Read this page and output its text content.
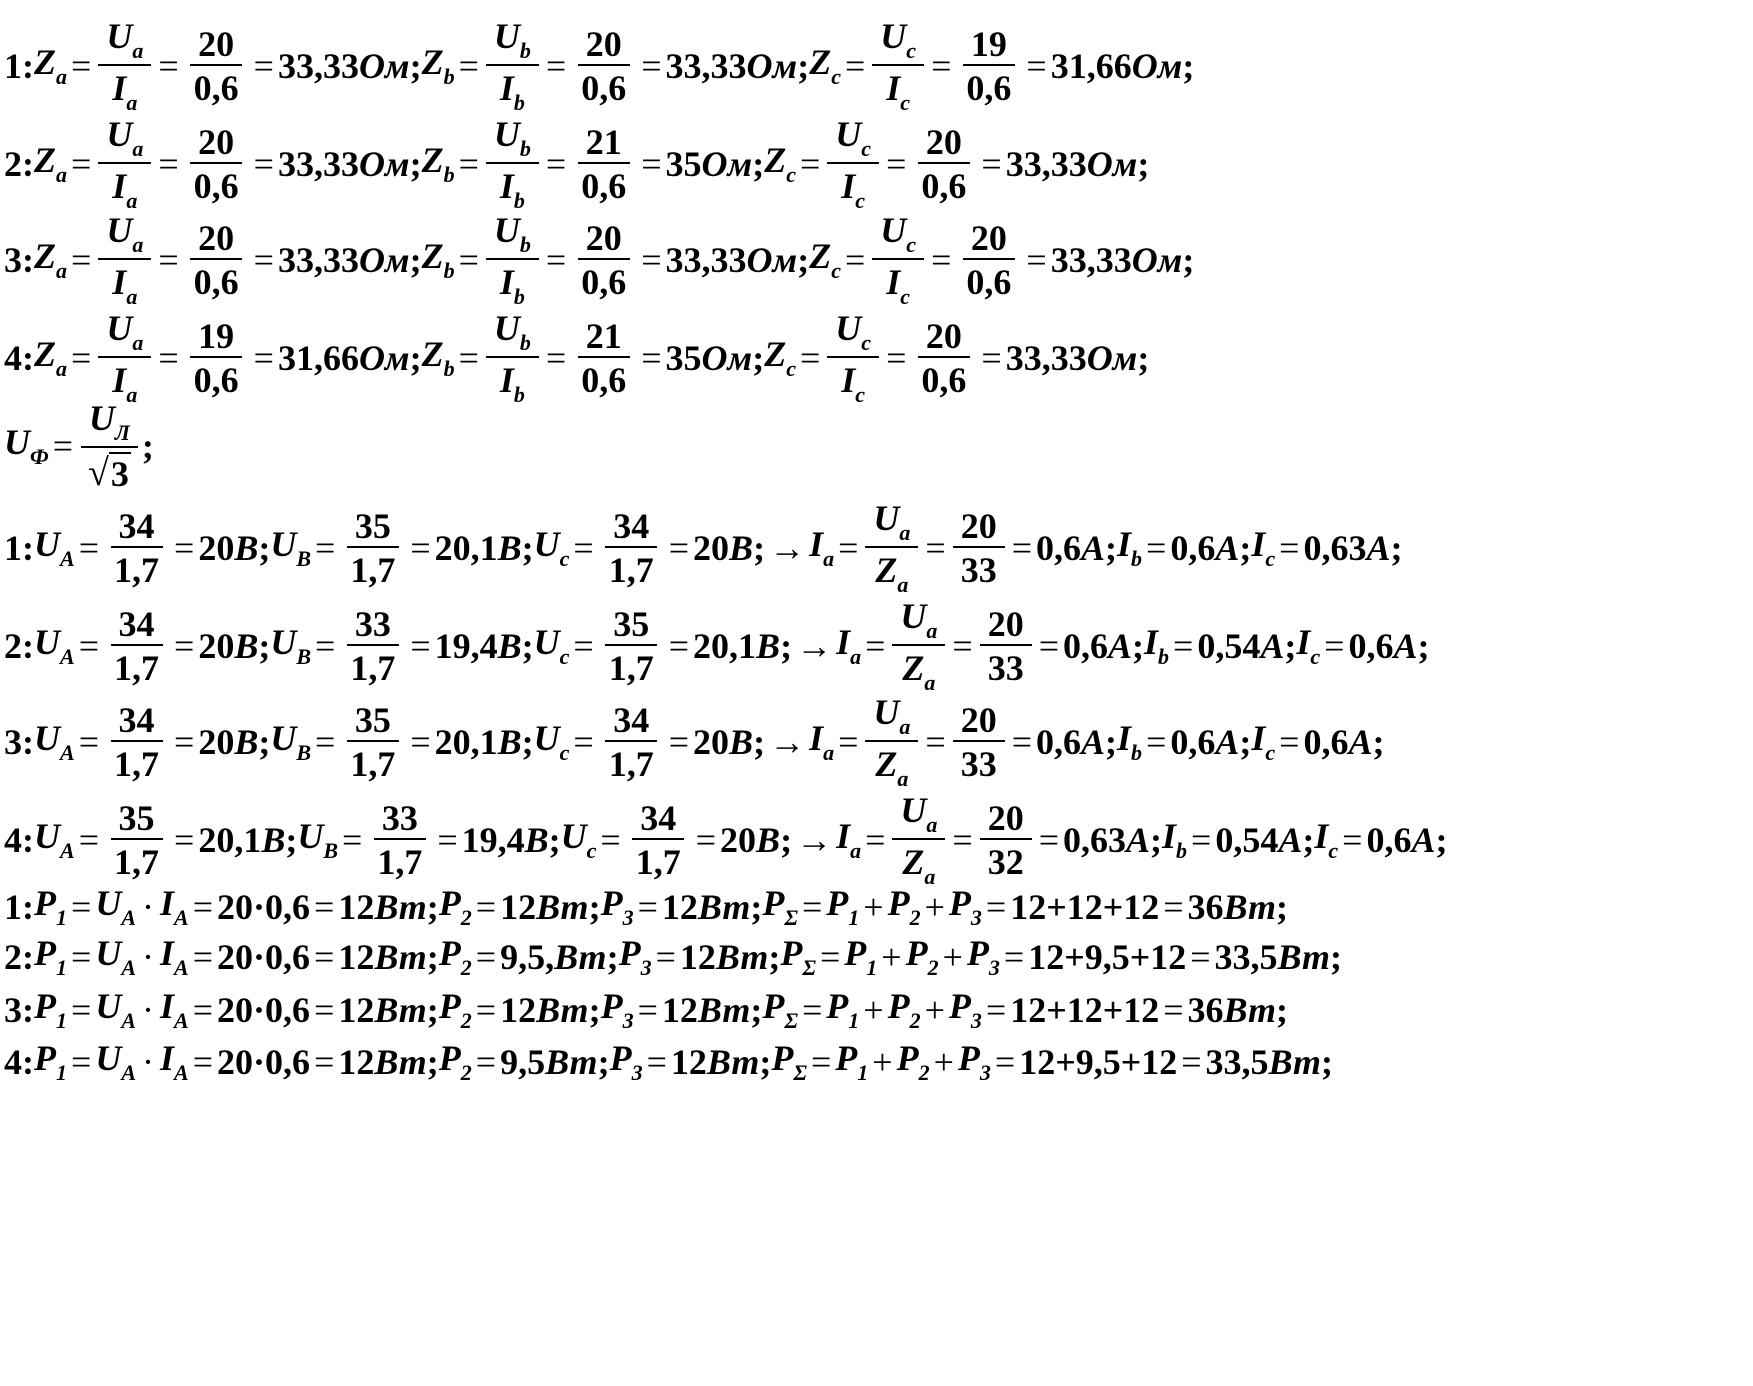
1 : $Z_a = \frac{U_a}{I_a} = \frac{20}{0,6} = 33,33$ Ом ; $Z_b = \frac{U_b}{I_b} = \frac{20}{0,6} = 33,33$ Ом ; $Z_c = \frac{U_c}{I_c} = \frac{19}{0,6} = 31,66$ Ом ;
2 : $Z_a = \frac{U_a}{I_a} = \frac{20}{0,6} = 33,33$ Ом ; $Z_b = \frac{U_b}{I_b} = \frac{21}{0,6} = 35$ Ом ; $Z_c = \frac{U_c}{I_c} = \frac{20}{0,6} = 33,33$ Ом ;
3 : $Z_a = \frac{U_a}{I_a} = \frac{20}{0,6} = 33,33$ Ом ; $Z_b = \frac{U_b}{I_b} = \frac{20}{0,6} = 33,33$ Ом ; $Z_c = \frac{U_c}{I_c} = \frac{20}{0,6} = 33,33$ Ом ;
4 : $Z_a = \frac{U_a}{I_a} = \frac{19}{0,6} = 31,66$ Ом ; $Z_b = \frac{U_b}{I_b} = \frac{21}{0,6} = 35$ Ом ; $Z_c = \frac{U_c}{I_c} = \frac{20}{0,6} = 33,33$ Ом ;
$U_Ф = \frac{U_Л}{√ 3}$ ;
1 : $U_A = \frac{34}{1,7} = 20$ В ; $U_B = \frac{35}{1,7} = 20,1$ В ; $U_c = \frac{34}{1,7} = 20$ В ; → $I_a = \frac{U_a}{Z_a} = \frac{20}{33} = 0,6$ А ; $I_b = 0,6$ А ; $I_c = 0,63$ А ;
2 : $U_A = \frac{34}{1,7} = 20$ В ; $U_B = \frac{33}{1,7} = 19,4$ В ; $U_c = \frac{35}{1,7} = 20,1$ В ; → $I_a = \frac{U_a}{Z_a} = \frac{20}{33} = 0,6$ А ; $I_b = 0,54$ А ; $I_c = 0,6$ А ;
3 : $U_A = \frac{34}{1,7} = 20$ В ; $U_B = \frac{35}{1,7} = 20,1$ В ; $U_c = \frac{34}{1,7} = 20$ В ; → $I_a = \frac{U_a}{Z_a} = \frac{20}{33} = 0,6$ А ; $I_b = 0,6$ А ; $I_c = 0,6$ А ;
4 : $U_A = \frac{35}{1,7} = 20,1$ В ; $U_B = \frac{33}{1,7} = 19,4$ В ; $U_c = \frac{34}{1,7} = 20$ В ; → $I_a = \frac{U_a}{Z_a} = \frac{20}{32} = 0,63$ А ; $I_b = 0,54$ А ; $I_c = 0,6$ А ;
1 : $P_1 = U_A \cdot I_A = 20\cdot 0,6 = 12$ Вт ; $P_2 = 12$ Вт ; $P_3 = 12$ Вт ; $P_\Sigma = P_1 + P_2 + P_3 = 12+12+12 = 36$ Вт ;
2 : $P_1 = U_A \cdot I_A = 20\cdot 0,6 = 12$ Вт ; $P_2 = 9,5$, Вт ; $P_3 = 12$ Вт ; $P_\Sigma = P_1 + P_2 + P_3 = 12+9,5+12 = 33,5$ Вт ;
3 : $P_1 = U_A \cdot I_A = 20\cdot 0,6 = 12$ Вт ; $P_2 = 12$ Вт ; $P_3 = 12$ Вт ; $P_\Sigma = P_1 + P_2 + P_3 = 12+12+12 = 36$ Вт ;
4 : $P_1 = U_A \cdot I_A = 20\cdot 0,6 = 12$ Вт ; $P_2 = 9,5$ Вт ; $P_3 = 12$ Вт ; $P_\Sigma = P_1 + P_2 + P_3 = 12+9,5+12 = 33,5$ Вт ;
